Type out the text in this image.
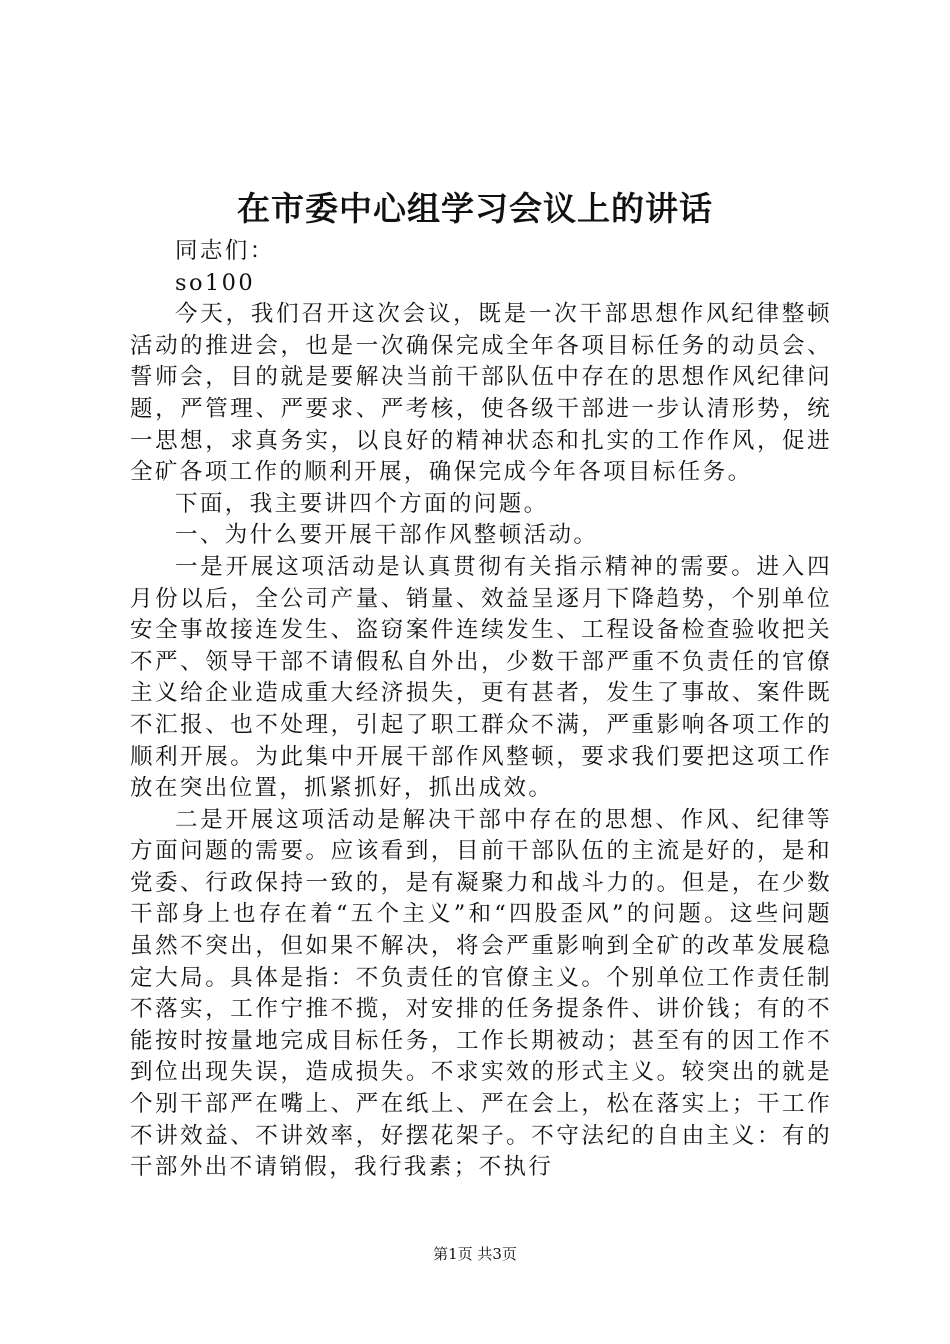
在市委中心组学习会议上的讲话

同志们：

so100

今天，我们召开这次会议，既是一次干部思想作风纪律整顿活动的推进会，也是一次确保完成全年各项目标任务的动员会、誓师会，目的就是要解决当前干部队伍中存在的思想作风纪律问题，严管理、严要求、严考核，使各级干部进一步认清形势，统一思想，求真务实，以良好的精神状态和扎实的工作作风，促进全矿各项工作的顺利开展，确保完成今年各项目标任务。

下面，我主要讲四个方面的问题。

一、为什么要开展干部作风整顿活动。

一是开展这项活动是认真贯彻有关指示精神的需要。进入四月份以后，全公司产量、销量、效益呈逐月下降趋势，个别单位安全事故接连发生、盗窃案件连续发生、工程设备检查验收把关不严、领导干部不请假私自外出，少数干部严重不负责任的官僚主义给企业造成重大经济损失，更有甚者，发生了事故、案件既不汇报、也不处理，引起了职工群众不满，严重影响各项工作的顺利开展。为此集中开展干部作风整顿，要求我们要把这项工作放在突出位置，抓紧抓好，抓出成效。

二是开展这项活动是解决干部中存在的思想、作风、纪律等方面问题的需要。应该看到，目前干部队伍的主流是好的，是和党委、行政保持一致的，是有凝聚力和战斗力的。但是，在少数干部身上也存在着“五个主义”和“四股歪风”的问题。这些问题虽然不突出，但如果不解决，将会严重影响到全矿的改革发展稳定大局。具体是指：不负责任的官僚主义。个别单位工作责任制不落实，工作宁推不揽，对安排的任务提条件、讲价钱；有的不能按时按量地完成目标任务，工作长期被动；甚至有的因工作不到位出现失误，造成损失。不求实效的形式主义。较突出的就是个别干部严在嘴上、严在纸上、严在会上，松在落实上；干工作不讲效益、不讲效率，好摆花架子。不守法纪的自由主义：有的干部外出不请销假，我行我素；不执行

第1页 共3页
